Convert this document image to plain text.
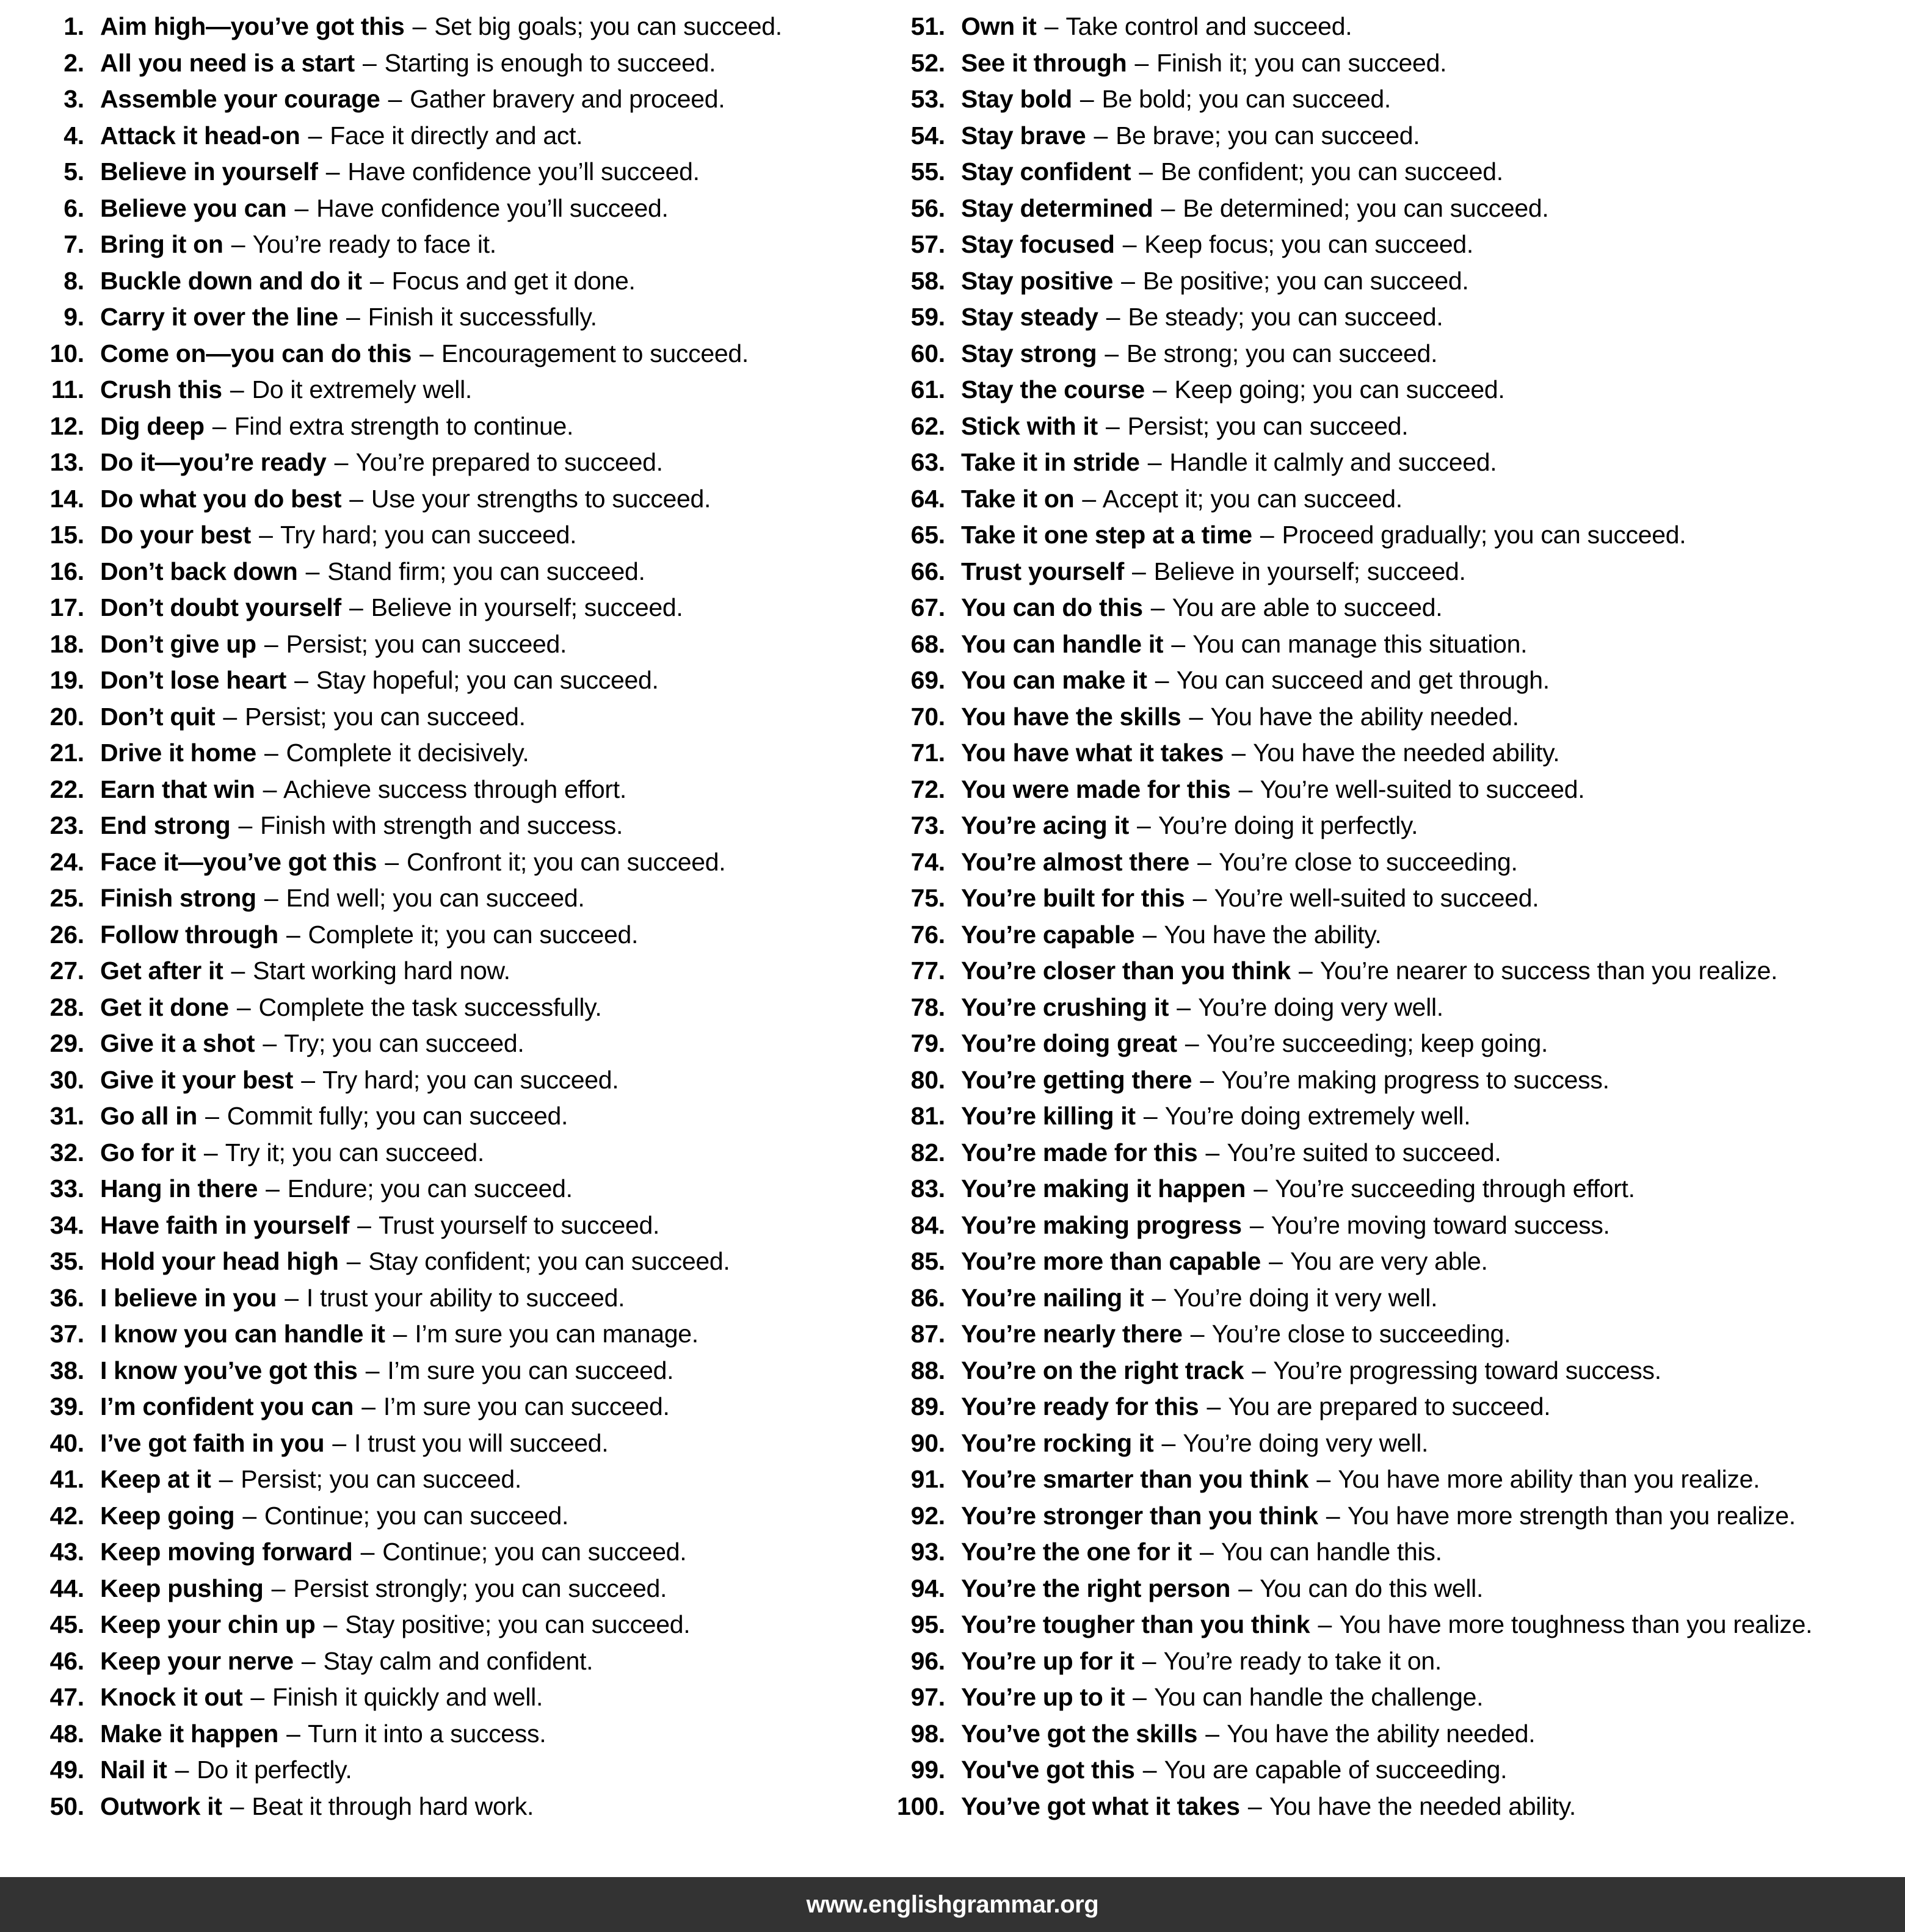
1. Aim high—you’ve got this – Set big goals; you can succeed.
2. All you need is a start – Starting is enough to succeed.
3. Assemble your courage – Gather bravery and proceed.
4. Attack it head-on – Face it directly and act.
5. Believe in yourself – Have confidence you’ll succeed.
6. Believe you can – Have confidence you’ll succeed.
7. Bring it on – You’re ready to face it.
8. Buckle down and do it – Focus and get it done.
9. Carry it over the line – Finish it successfully.
10. Come on—you can do this – Encouragement to succeed.
11. Crush this – Do it extremely well.
12. Dig deep – Find extra strength to continue.
13. Do it—you’re ready – You’re prepared to succeed.
14. Do what you do best – Use your strengths to succeed.
15. Do your best – Try hard; you can succeed.
16. Don’t back down – Stand firm; you can succeed.
17. Don’t doubt yourself – Believe in yourself; succeed.
18. Don’t give up – Persist; you can succeed.
19. Don’t lose heart – Stay hopeful; you can succeed.
20. Don’t quit – Persist; you can succeed.
21. Drive it home – Complete it decisively.
22. Earn that win – Achieve success through effort.
23. End strong – Finish with strength and success.
24. Face it—you’ve got this – Confront it; you can succeed.
25. Finish strong – End well; you can succeed.
26. Follow through – Complete it; you can succeed.
27. Get after it – Start working hard now.
28. Get it done – Complete the task successfully.
29. Give it a shot – Try; you can succeed.
30. Give it your best – Try hard; you can succeed.
31. Go all in – Commit fully; you can succeed.
32. Go for it – Try it; you can succeed.
33. Hang in there – Endure; you can succeed.
34. Have faith in yourself – Trust yourself to succeed.
35. Hold your head high – Stay confident; you can succeed.
36. I believe in you – I trust your ability to succeed.
37. I know you can handle it – I’m sure you can manage.
38. I know you’ve got this – I’m sure you can succeed.
39. I’m confident you can – I’m sure you can succeed.
40. I’ve got faith in you – I trust you will succeed.
41. Keep at it – Persist; you can succeed.
42. Keep going – Continue; you can succeed.
43. Keep moving forward – Continue; you can succeed.
44. Keep pushing – Persist strongly; you can succeed.
45. Keep your chin up – Stay positive; you can succeed.
46. Keep your nerve – Stay calm and confident.
47. Knock it out – Finish it quickly and well.
48. Make it happen – Turn it into a success.
49. Nail it – Do it perfectly.
50. Outwork it – Beat it through hard work.
51. Own it – Take control and succeed.
52. See it through – Finish it; you can succeed.
53. Stay bold – Be bold; you can succeed.
54. Stay brave – Be brave; you can succeed.
55. Stay confident – Be confident; you can succeed.
56. Stay determined – Be determined; you can succeed.
57. Stay focused – Keep focus; you can succeed.
58. Stay positive – Be positive; you can succeed.
59. Stay steady – Be steady; you can succeed.
60. Stay strong – Be strong; you can succeed.
61. Stay the course – Keep going; you can succeed.
62. Stick with it – Persist; you can succeed.
63. Take it in stride – Handle it calmly and succeed.
64. Take it on – Accept it; you can succeed.
65. Take it one step at a time – Proceed gradually; you can succeed.
66. Trust yourself – Believe in yourself; succeed.
67. You can do this – You are able to succeed.
68. You can handle it – You can manage this situation.
69. You can make it – You can succeed and get through.
70. You have the skills – You have the ability needed.
71. You have what it takes – You have the needed ability.
72. You were made for this – You’re well-suited to succeed.
73. You’re acing it – You’re doing it perfectly.
74. You’re almost there – You’re close to succeeding.
75. You’re built for this – You’re well-suited to succeed.
76. You’re capable – You have the ability.
77. You’re closer than you think – You’re nearer to success than you realize.
78. You’re crushing it – You’re doing very well.
79. You’re doing great – You’re succeeding; keep going.
80. You’re getting there – You’re making progress to success.
81. You’re killing it – You’re doing extremely well.
82. You’re made for this – You’re suited to succeed.
83. You’re making it happen – You’re succeeding through effort.
84. You’re making progress – You’re moving toward success.
85. You’re more than capable – You are very able.
86. You’re nailing it – You’re doing it very well.
87. You’re nearly there – You’re close to succeeding.
88. You’re on the right track – You’re progressing toward success.
89. You’re ready for this – You are prepared to succeed.
90. You’re rocking it – You’re doing very well.
91. You’re smarter than you think – You have more ability than you realize.
92. You’re stronger than you think – You have more strength than you realize.
93. You’re the one for it – You can handle this.
94. You’re the right person – You can do this well.
95. You’re tougher than you think – You have more toughness than you realize.
96. You’re up for it – You’re ready to take it on.
97. You’re up to it – You can handle the challenge.
98. You’ve got the skills – You have the ability needed.
99. You've got this – You are capable of succeeding.
100. You’ve got what it takes – You have the needed ability.
www.englishgrammar.org
